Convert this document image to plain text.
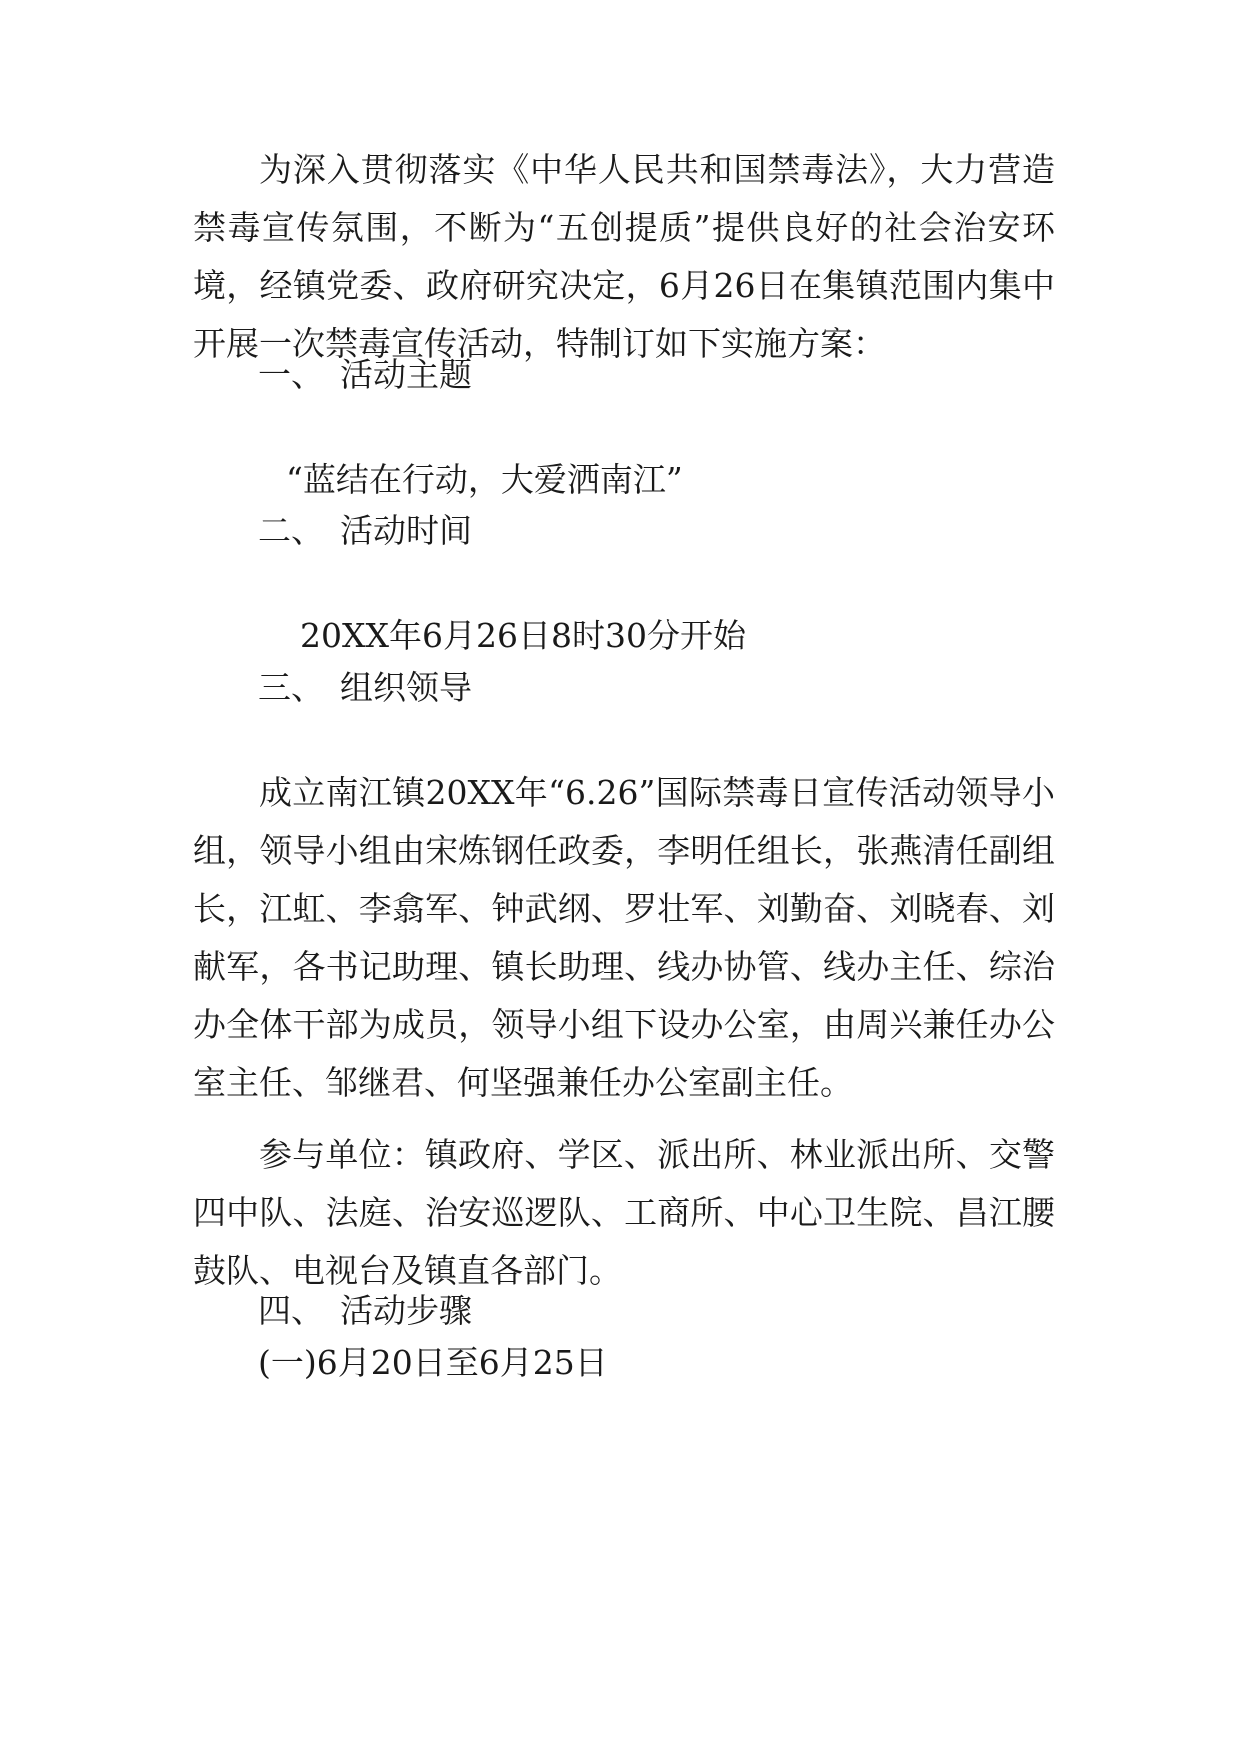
为深入贯彻落实《中华人民共和国禁毒法》，大力营造禁毒宣传氛围，不断为“五创提质”提供良好的社会治安环境，经镇党委、政府研究决定，6月26日在集镇范围内集中开展一次禁毒宣传活动，特制订如下实施方案：

一、 活动主题
“蓝结在行动，大爱洒南江”
二、 活动时间
20XX年6月26日8时30分开始
三、 组织领导

成立南江镇20XX年“6.26”国际禁毒日宣传活动领导小组，领导小组由宋炼钢任政委，李明任组长，张燕清任副组长，江虹、李翕军、钟武纲、罗壮军、刘勤奋、刘晓春、刘献军，各书记助理、镇长助理、线办协管、线办主任、综治办全体干部为成员，领导小组下设办公室，由周兴兼任办公室主任、邹继君、何坚强兼任办公室副主任。

参与单位：镇政府、学区、派出所、林业派出所、交警四中队、法庭、治安巡逻队、工商所、中心卫生院、昌江腰鼓队、电视台及镇直各部门。

四、 活动步骤
(一)6月20日至6月25日
